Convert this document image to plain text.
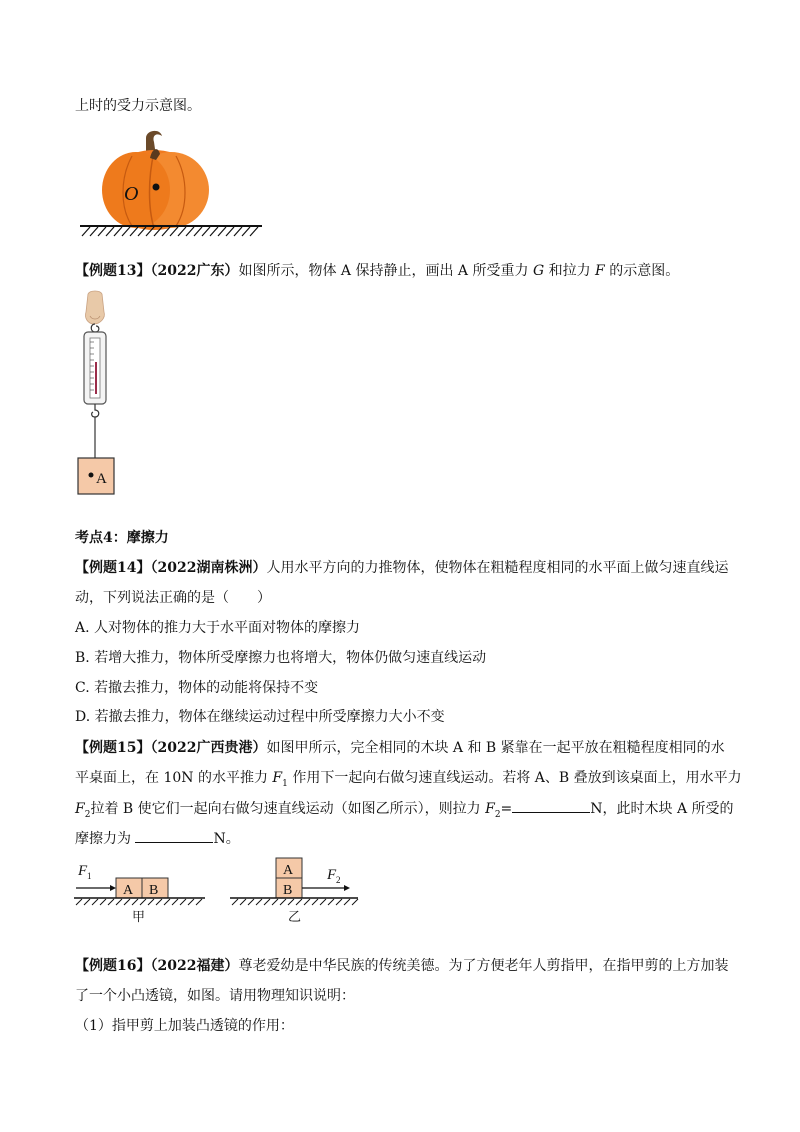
上时的受力示意图。
O
【例题13】（2022广东）如图所示，物体 A 保持静止，画出 A 所受重力 G 和拉力 F 的示意图。
A
考点4：摩擦力
【例题14】（2022湖南株洲）人用水平方向的力推物体，使物体在粗糙程度相同的水平面上做匀速直线运
动，下列说法正确的是（　　）
A. 人对物体的推力大于水平面对物体的摩擦力
B. 若增大推力，物体所受摩擦力也将增大，物体仍做匀速直线运动
C. 若撤去推力，物体的动能将保持不变
D. 若撤去推力，物体在继续运动过程中所受摩擦力大小不变
【例题15】（2022广西贵港）如图甲所示，完全相同的木块 A 和 B 紧靠在一起平放在粗糙程度相同的水
平桌面上，在 10N 的水平推力 $F_1$ 作用下一起向右做匀速直线运动。若将 A、B 叠放到该桌面上，用水平力
$F_2$拉着 B 使它们一起向右做匀速直线运动（如图乙所示），则拉力 $F_2=$	N，此时木块 A 所受的
摩擦力为	N。
F 1
A B
甲
A
B
F 2
乙
【例题16】（2022福建）尊老爱幼是中华民族的传统美德。为了方便老年人剪指甲，在指甲剪的上方加装
了一个小凸透镜，如图。请用物理知识说明：
（1）指甲剪上加装凸透镜的作用：
